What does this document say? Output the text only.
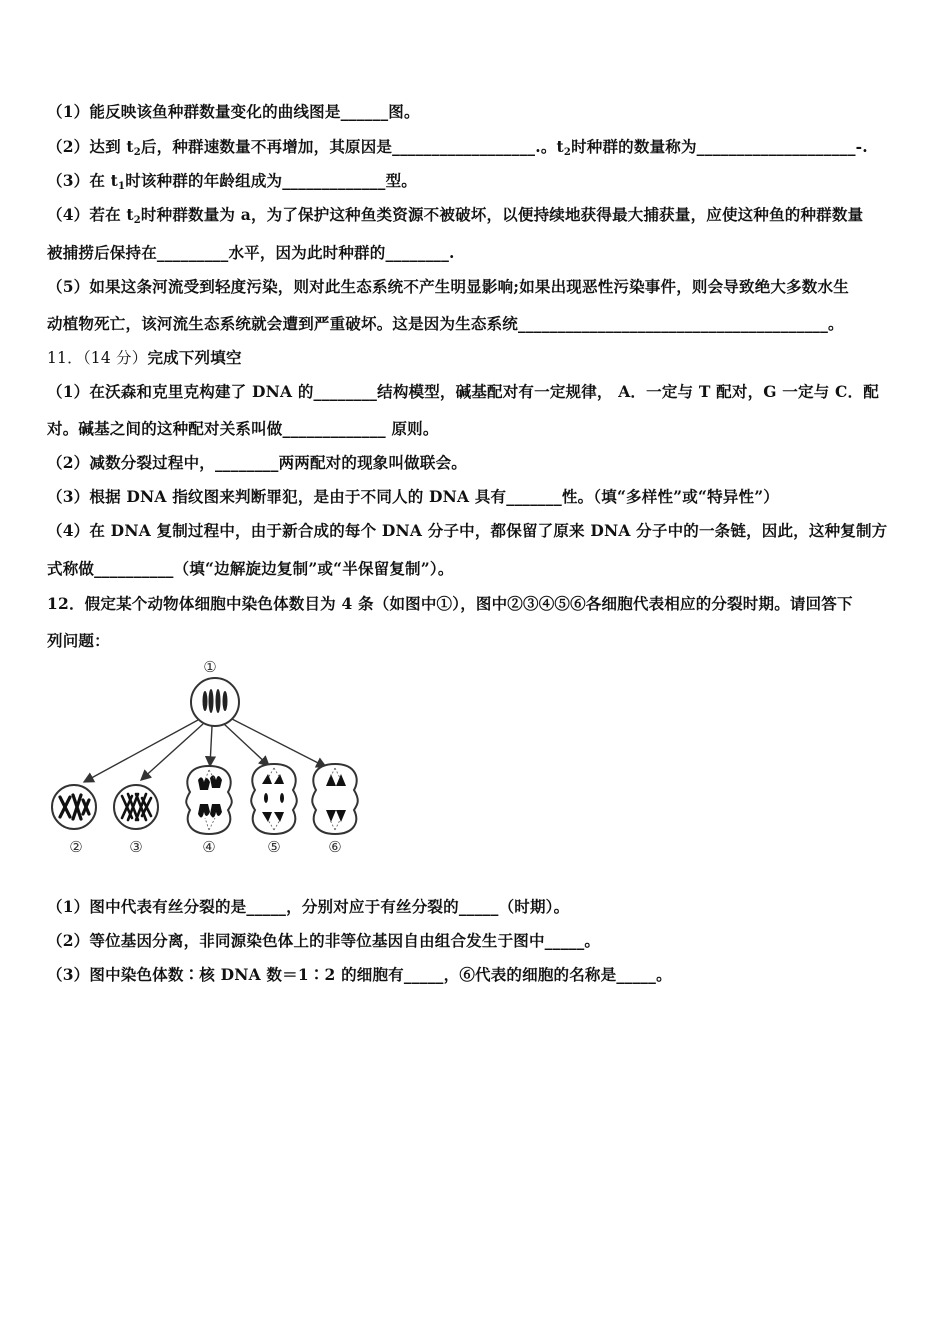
（1）能反映该鱼种群数量变化的曲线图是______图。
（2）达到 $t_2$后，种群速数量不再增加，其原因是__________________.。$t_2$时种群的数量称为____________________-.
（3）在 $t_1$时该种群的年龄组成为_____________型。
（4）若在 $t_2$时种群数量为 a，为了保护这种鱼类资源不被破坏，以便持续地获得最大捕获量，应使这种鱼的种群数量
被捕捞后保持在_________水平，因为此时种群的________.
（5）如果这条河流受到轻度污染，则对此生态系统不产生明显影响;如果出现恶性污染事件，则会导致绝大多数水生
动植物死亡，该河流生态系统就会遭到严重破坏。这是因为生态系统_______________________________________。
11．（14 分）完成下列填空
（1）在沃森和克里克构建了 DNA 的________结构模型，碱基配对有一定规律， A．一定与 T 配对，G 一定与 C．配
对。碱基之间的这种配对关系叫做_____________ 原则。
（2）减数分裂过程中，________两两配对的现象叫做联会。
（3）根据 DNA 指纹图来判断罪犯，是由于不同人的 DNA 具有_______性。（填“多样性”或“特异性”）
（4）在 DNA 复制过程中，由于新合成的每个 DNA 分子中，都保留了原来 DNA 分子中的一条链，因此，这种复制方
式称做__________（填“边解旋边复制”或“半保留复制”）。
12．假定某个动物体细胞中染色体数目为 4 条（如图中①），图中②③④⑤⑥各细胞代表相应的分裂时期。请回答下
列问题：
①
②	③	④	⑤	⑥
（1）图中代表有丝分裂的是_____，分别对应于有丝分裂的_____（时期）。
（2）等位基因分离，非同源染色体上的非等位基因自由组合发生于图中_____。
（3）图中染色体数∶核 DNA 数＝1∶2 的细胞有_____，⑥代表的细胞的名称是_____。
